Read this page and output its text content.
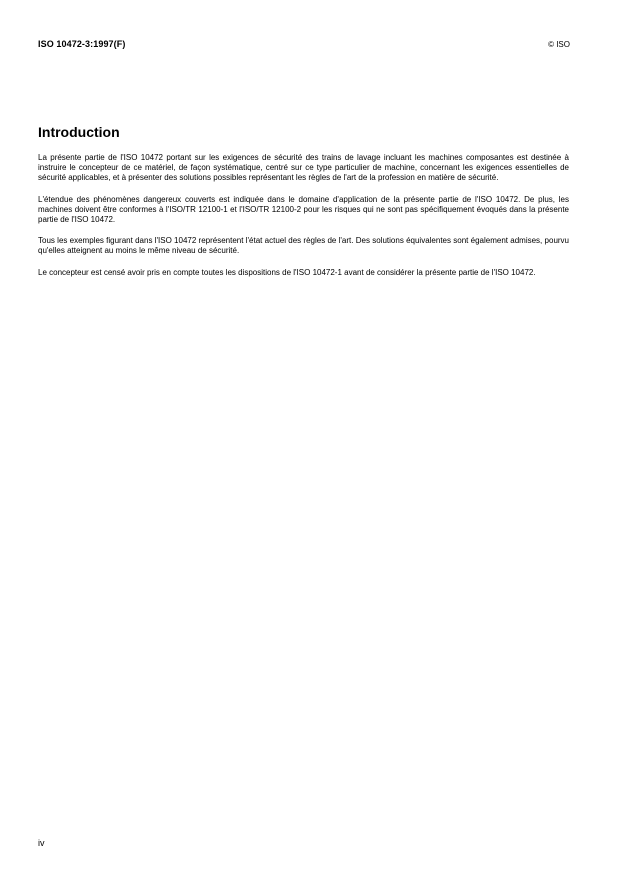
ISO 10472-3:1997(F)	© ISO
Introduction

La présente partie de l'ISO 10472 portant sur les exigences de sécurité des trains de lavage incluant les machines composantes est destinée à instruire le concepteur de ce matériel, de façon systématique, centré sur ce type particulier de machine, concernant les exigences essentielles de sécurité applicables, et à présenter des solutions possibles représentant les règles de l'art de la profession en matière de sécurité.

L'étendue des phénomènes dangereux couverts est indiquée dans le domaine d'application de la présente partie de l'ISO 10472. De plus, les machines doivent être conformes à l'ISO/TR 12100-1 et l'ISO/TR 12100-2 pour les risques qui ne sont pas spécifiquement évoqués dans la présente partie de l'ISO 10472.

Tous les exemples figurant dans l'ISO 10472 représentent l'état actuel des règles de l'art. Des solutions équivalentes sont également admises, pourvu qu'elles atteignent au moins le même niveau de sécurité.

Le concepteur est censé avoir pris en compte toutes les dispositions de l'ISO 10472-1 avant de considérer la présente partie de l'ISO 10472.

iv
